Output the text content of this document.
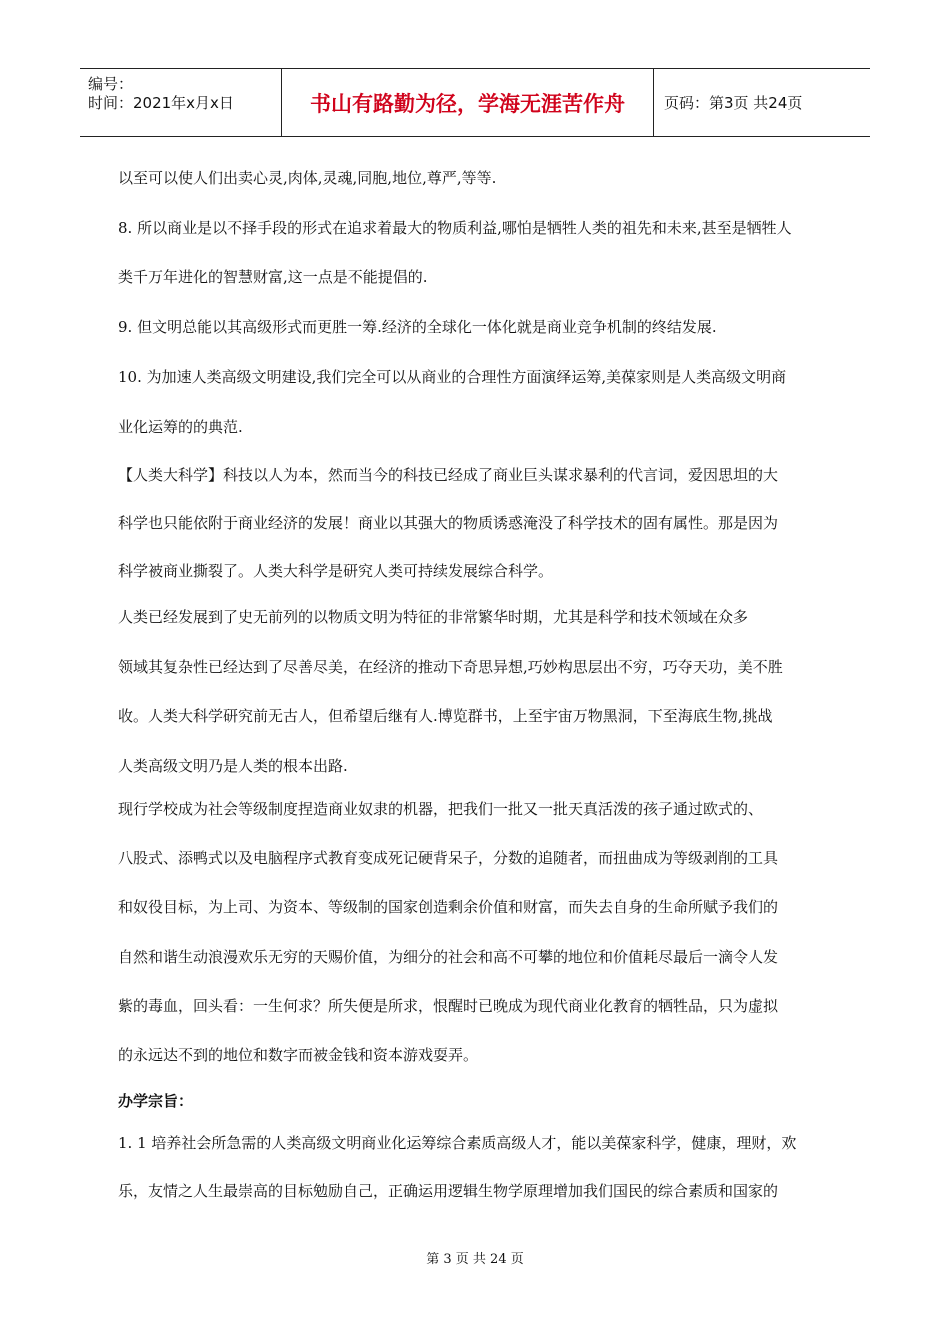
编号：
时间：2021年x月x日	书山有路勤为径，学海无涯苦作舟	页码：第3页 共24页
以至可以使人们出卖心灵,肉体,灵魂,同胞,地位,尊严,等等.
8. 所以商业是以不择手段的形式在追求着最大的物质利益,哪怕是牺牲人类的祖先和未来,甚至是牺牲人
类千万年进化的智慧财富,这一点是不能提倡的.
9. 但文明总能以其高级形式而更胜一筹.经济的全球化一体化就是商业竞争机制的终结发展.
10. 为加速人类高级文明建设,我们完全可以从商业的合理性方面演绎运筹,美葆家则是人类高级文明商
业化运筹的的典范.
【人类大科学】科技以人为本，然而当今的科技已经成了商业巨头谋求暴利的代言词，爱因思坦的大
科学也只能依附于商业经济的发展！商业以其强大的物质诱惑淹没了科学技术的固有属性。那是因为
科学被商业撕裂了。人类大科学是研究人类可持续发展综合科学。
人类已经发展到了史无前列的以物质文明为特征的非常繁华时期，尤其是科学和技术领域在众多
领域其复杂性已经达到了尽善尽美，在经济的推动下奇思异想,巧妙构思层出不穷，巧夺天功，美不胜
收。人类大科学研究前无古人，但希望后继有人.博览群书，上至宇宙万物黑洞，下至海底生物,挑战
人类高级文明乃是人类的根本出路.
现行学校成为社会等级制度捏造商业奴隶的机器，把我们一批又一批天真活泼的孩子通过欧式的、
八股式、添鸭式以及电脑程序式教育变成死记硬背呆子，分数的追随者，而扭曲成为等级剥削的工具
和奴役目标，为上司、为资本、等级制的国家创造剩余价值和财富，而失去自身的生命所赋予我们的
自然和谐生动浪漫欢乐无穷的天赐价值，为细分的社会和高不可攀的地位和价值耗尽最后一滴令人发
紫的毒血，回头看：一生何求？所失便是所求，恨醒时已晚成为现代商业化教育的牺牲品，只为虚拟
的永远达不到的地位和数字而被金钱和资本游戏耍弄。
办学宗旨：
1. 1 培养社会所急需的人类高级文明商业化运筹综合素质高级人才，能以美葆家科学，健康，理财，欢
乐，友情之人生最崇高的目标勉励自己，正确运用逻辑生物学原理增加我们国民的综合素质和国家的
第 3 页 共 24 页
